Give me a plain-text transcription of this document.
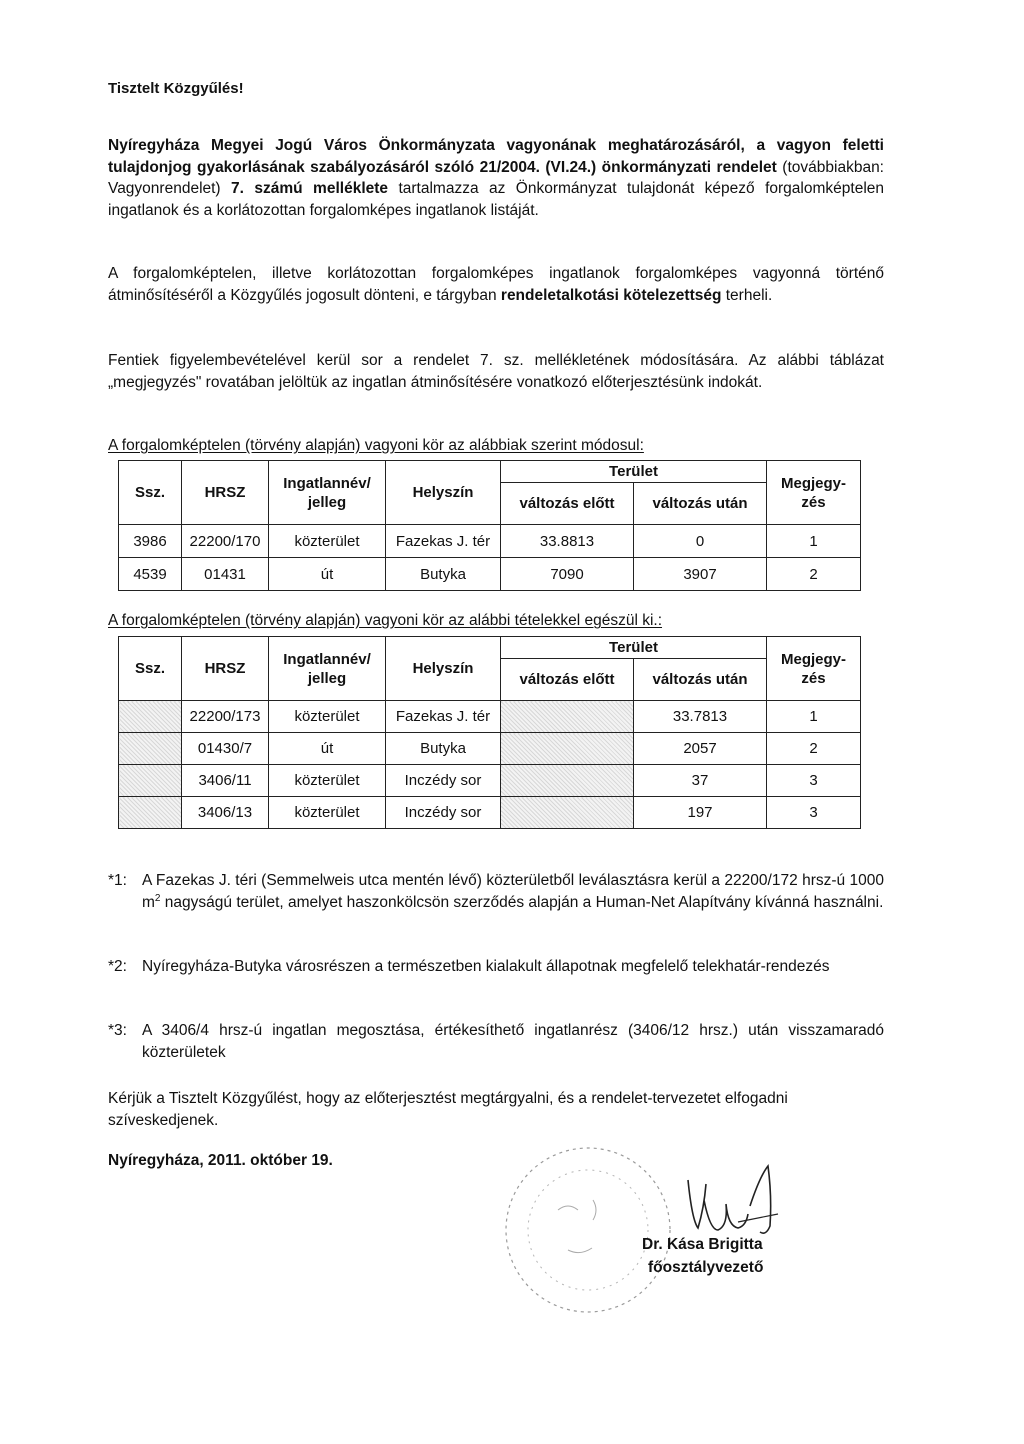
Tisztelt Közgyűlés!
Nyíregyháza Megyei Jogú Város Önkormányzata vagyonának meghatározásáról, a vagyon feletti tulajdonjog gyakorlásának szabályozásáról szóló 21/2004. (VI.24.) önkormányzati rendelet (továbbiakban: Vagyonrendelet) 7. számú melléklete tartalmazza az Önkormányzat tulajdonát képező forgalomképtelen ingatlanok és a korlátozottan forgalomképes ingatlanok listáját.
A forgalomképtelen, illetve korlátozottan forgalomképes ingatlanok forgalomképes vagyonná történő átminősítéséről a Közgyűlés jogosult dönteni, e tárgyban rendeletalkotási kötelezettség terheli.
Fentiek figyelembevételével kerül sor a rendelet 7. sz. mellékletének módosítására. Az alábbi táblázat „megjegyzés" rovatában jelöltük az ingatlan átminősítésére vonatkozó előterjesztésünk indokát.
A forgalomképtelen (törvény alapján) vagyoni kör az alábbiak szerint módosul:
Ssz.	HRSZ	Ingatlannév/ jelleg	Helyszín	Terület		Megjegy- zés
				változás előtt	változás után	
3986	22200/170	közterület	Fazekas J. tér	33.8813	0	1
4539	01431	út	Butyka	7090	3907	2
A forgalomképtelen (törvény alapján) vagyoni kör az alábbi tételekkel egészül ki.:
Ssz.	HRSZ	Ingatlannév/ jelleg	Helyszín	Terület		Megjegy- zés
				változás előtt	változás után	
	22200/173	közterület	Fazekas J. tér		33.7813	1
	01430/7	út	Butyka		2057	2
	3406/11	közterület	Inczédy sor		37	3
	3406/13	közterület	Inczédy sor		197	3
*1: A Fazekas J. téri (Semmelweis utca mentén lévő) közterületből leválasztásra kerül a 22200/172 hrsz-ú 1000 $m^2$ nagyságú terület, amelyet haszonkölcsön szerződés alapján a Human-Net Alapítvány kívánná használni.
*2: Nyíregyháza-Butyka városrészen a természetben kialakult állapotnak megfelelő telekhatár-rendezés
*3: A 3406/4 hrsz-ú ingatlan megosztása, értékesíthető ingatlanrész (3406/12 hrsz.) után visszamaradó közterületek
Kérjük a Tisztelt Közgyűlést, hogy az előterjesztést megtárgyalni, és a rendelet-tervezetet elfogadni szíveskedjenek.
Nyíregyháza, 2011. október 19.
Dr. Kása Brigitta
főosztályvezető
